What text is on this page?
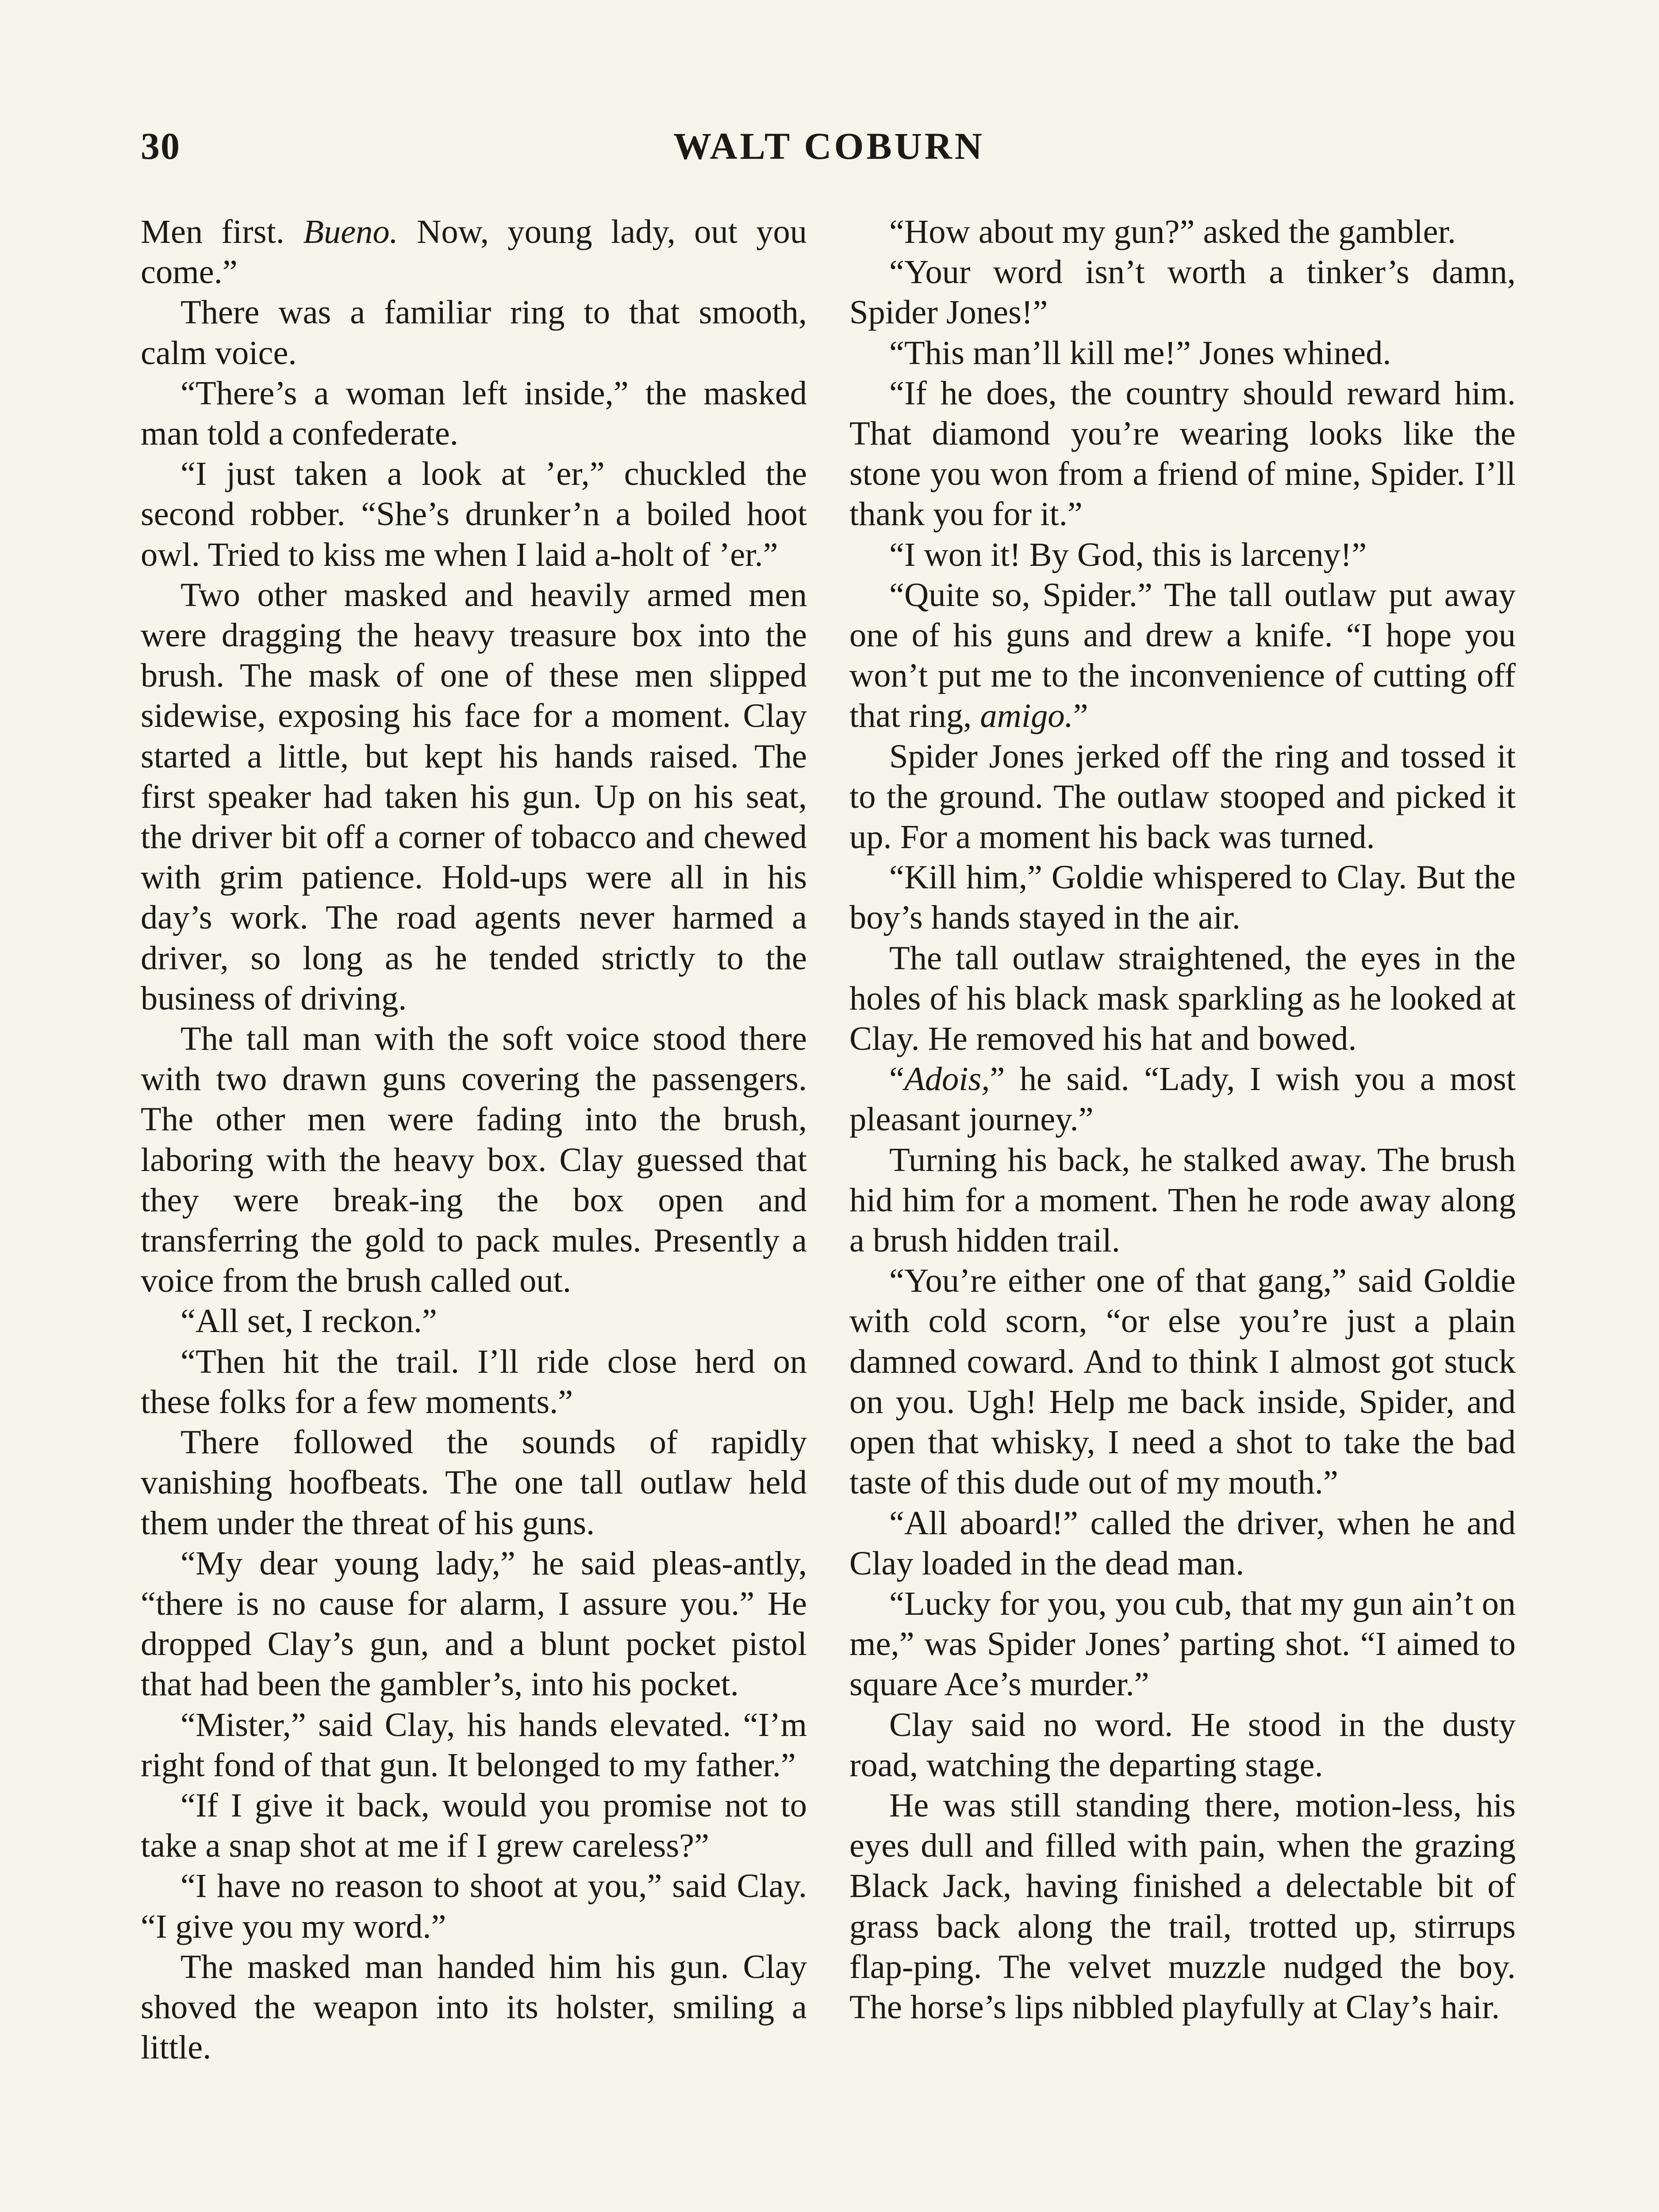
30	WALT COBURN

Men first. Bueno. Now, young lady, out you come.”

There was a familiar ring to that smooth, calm voice.

“There’s a woman left inside,” the masked man told a confederate.

“I just taken a look at ’er,” chuckled the second robber. “She’s drunker’n a boiled hoot owl. Tried to kiss me when I laid a-holt of ’er.”

Two other masked and heavily armed men were dragging the heavy treasure box into the brush. The mask of one of these men slipped sidewise, exposing his face for a moment. Clay started a little, but kept his hands raised. The first speaker had taken his gun. Up on his seat, the driver bit off a corner of tobacco and chewed with grim patience. Hold-ups were all in his day’s work. The road agents never harmed a driver, so long as he tended strictly to the business of driving.

The tall man with the soft voice stood there with two drawn guns covering the passengers. The other men were fading into the brush, laboring with the heavy box. Clay guessed that they were break-ing the box open and transferring the gold to pack mules. Presently a voice from the brush called out.

“All set, I reckon.”

“Then hit the trail. I’ll ride close herd on these folks for a few moments.”

There followed the sounds of rapidly vanishing hoofbeats. The one tall outlaw held them under the threat of his guns.

“My dear young lady,” he said pleas-antly, “there is no cause for alarm, I assure you.” He dropped Clay’s gun, and a blunt pocket pistol that had been the gambler’s, into his pocket.

“Mister,” said Clay, his hands elevated. “I’m right fond of that gun. It belonged to my father.”

“If I give it back, would you promise not to take a snap shot at me if I grew careless?”

“I have no reason to shoot at you,” said Clay. “I give you my word.”

The masked man handed him his gun. Clay shoved the weapon into its holster, smiling a little.

“How about my gun?” asked the gambler.

“Your word isn’t worth a tinker’s damn, Spider Jones!”

“This man’ll kill me!” Jones whined.

“If he does, the country should reward him. That diamond you’re wearing looks like the stone you won from a friend of mine, Spider. I’ll thank you for it.”

“I won it! By God, this is larceny!”

“Quite so, Spider.” The tall outlaw put away one of his guns and drew a knife. “I hope you won’t put me to the inconvenience of cutting off that ring, amigo.”

Spider Jones jerked off the ring and tossed it to the ground. The outlaw stooped and picked it up. For a moment his back was turned.

“Kill him,” Goldie whispered to Clay. But the boy’s hands stayed in the air.

The tall outlaw straightened, the eyes in the holes of his black mask sparkling as he looked at Clay. He removed his hat and bowed.

“Adois,” he said. “Lady, I wish you a most pleasant journey.”

Turning his back, he stalked away. The brush hid him for a moment. Then he rode away along a brush hidden trail.

“You’re either one of that gang,” said Goldie with cold scorn, “or else you’re just a plain damned coward. And to think I almost got stuck on you. Ugh! Help me back inside, Spider, and open that whisky, I need a shot to take the bad taste of this dude out of my mouth.”

“All aboard!” called the driver, when he and Clay loaded in the dead man.

“Lucky for you, you cub, that my gun ain’t on me,” was Spider Jones’ parting shot. “I aimed to square Ace’s murder.”

Clay said no word. He stood in the dusty road, watching the departing stage.

He was still standing there, motion-less, his eyes dull and filled with pain, when the grazing Black Jack, having finished a delectable bit of grass back along the trail, trotted up, stirrups flap-ping. The velvet muzzle nudged the boy. The horse’s lips nibbled playfully at Clay’s hair.
